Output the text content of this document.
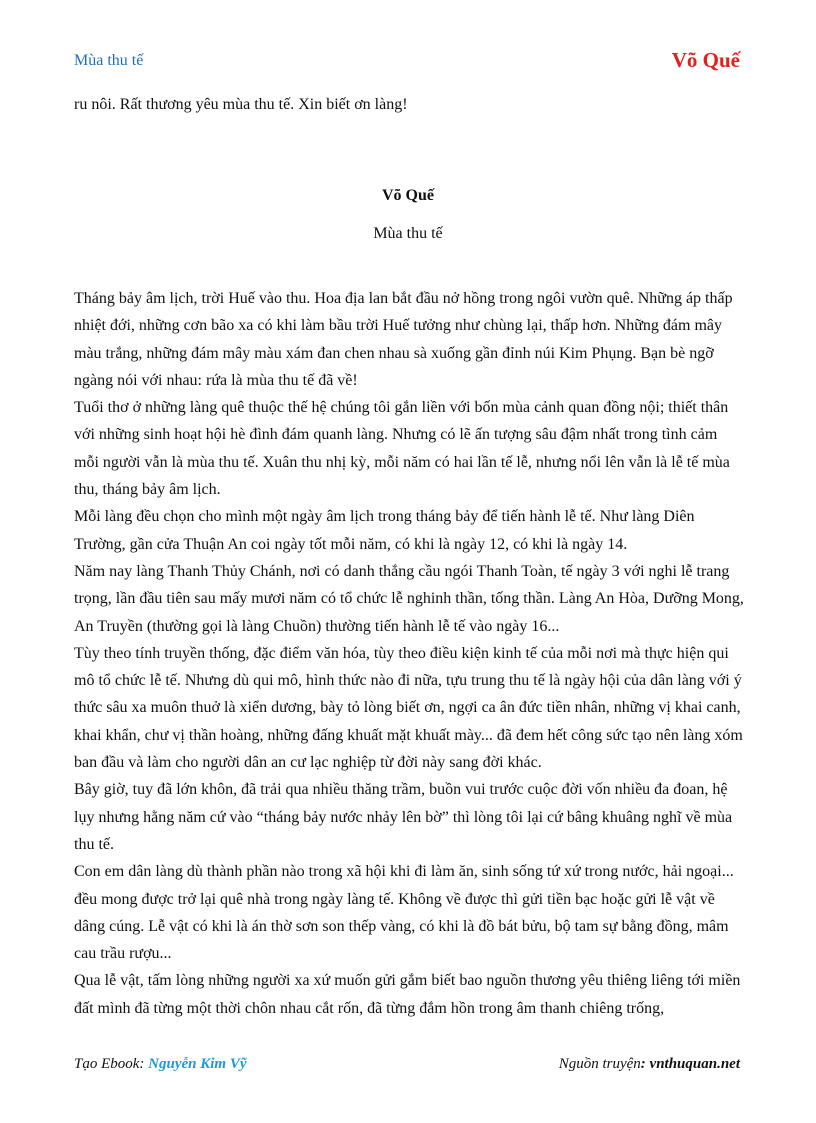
Mùa thu tế	Võ Quế
ru nôi. Rất thương yêu mùa thu tế. Xin biết ơn làng!
Võ Quế
Mùa thu tế

Tháng bảy âm lịch, trời Huế vào thu. Hoa địa lan bắt đầu nở hồng trong ngôi vườn quê. Những áp thấp nhiệt đới, những cơn bão xa có khi làm bầu trời Huế tưởng như chùng lại, thấp hơn. Những đám mây màu trắng, những đám mây màu xám đan chen nhau sà xuống gần đỉnh núi Kim Phụng. Bạn bè ngỡ ngàng nói với nhau: rứa là mùa thu tế đã về!

Tuổi thơ ở những làng quê thuộc thế hệ chúng tôi gắn liền với bốn mùa cảnh quan đồng nội; thiết thân với những sinh hoạt hội hè đình đám quanh làng. Nhưng có lẽ ấn tượng sâu đậm nhất trong tình cảm mỗi người vẫn là mùa thu tế. Xuân thu nhị kỳ, mỗi năm có hai lần tế lễ, nhưng nổi lên vẫn là lễ tế mùa thu, tháng bảy âm lịch.

Mỗi làng đều chọn cho mình một ngày âm lịch trong tháng bảy để tiến hành lễ tế. Như làng Diên Trường, gần cửa Thuận An coi ngày tốt mỗi năm, có khi là ngày 12, có khi là ngày 14.

Năm nay làng Thanh Thủy Chánh, nơi có danh thắng cầu ngói Thanh Toàn, tế ngày 3 với nghi lễ trang trọng, lần đầu tiên sau mấy mươi năm có tổ chức lễ nghinh thần, tống thần. Làng An Hòa, Dưỡng Mong, An Truyền (thường gọi là làng Chuồn) thường tiến hành lễ tế vào ngày 16...

Tùy theo tính truyền thống, đặc điểm văn hóa, tùy theo điều kiện kinh tế của mỗi nơi mà thực hiện qui mô tổ chức lễ tế. Nhưng dù qui mô, hình thức nào đi nữa, tựu trung thu tế là ngày hội của dân làng với ý thức sâu xa muôn thuở là xiển dương, bày tỏ lòng biết ơn, ngợi ca ân đức tiền nhân, những vị khai canh, khai khẩn, chư vị thần hoàng, những đấng khuất mặt khuất mày... đã đem hết công sức tạo nên làng xóm ban đầu và làm cho người dân an cư lạc nghiệp từ đời này sang đời khác.

Bây giờ, tuy đã lớn khôn, đã trải qua nhiều thăng trầm, buồn vui trước cuộc đời vốn nhiều đa đoan, hệ lụy nhưng hằng năm cứ vào “tháng bảy nước nhảy lên bờ” thì lòng tôi lại cứ bâng khuâng nghĩ về mùa thu tế.

Con em dân làng dù thành phần nào trong xã hội khi đi làm ăn, sinh sống tứ xứ trong nước, hải ngoại... đều mong được trở lại quê nhà trong ngày làng tế. Không về được thì gửi tiền bạc hoặc gửi lễ vật về dâng cúng. Lễ vật có khi là án thờ sơn son thếp vàng, có khi là đồ bát bửu, bộ tam sự bằng đồng, mâm cau trầu rượu...

Qua lễ vật, tấm lòng những người xa xứ muốn gửi gắm biết bao nguồn thương yêu thiêng liêng tới miền đất mình đã từng một thời chôn nhau cắt rốn, đã từng đắm hồn trong âm thanh chiêng trống,

Tạo Ebook: Nguyễn Kim Vỹ	Nguồn truyện: vnthuquan.net
